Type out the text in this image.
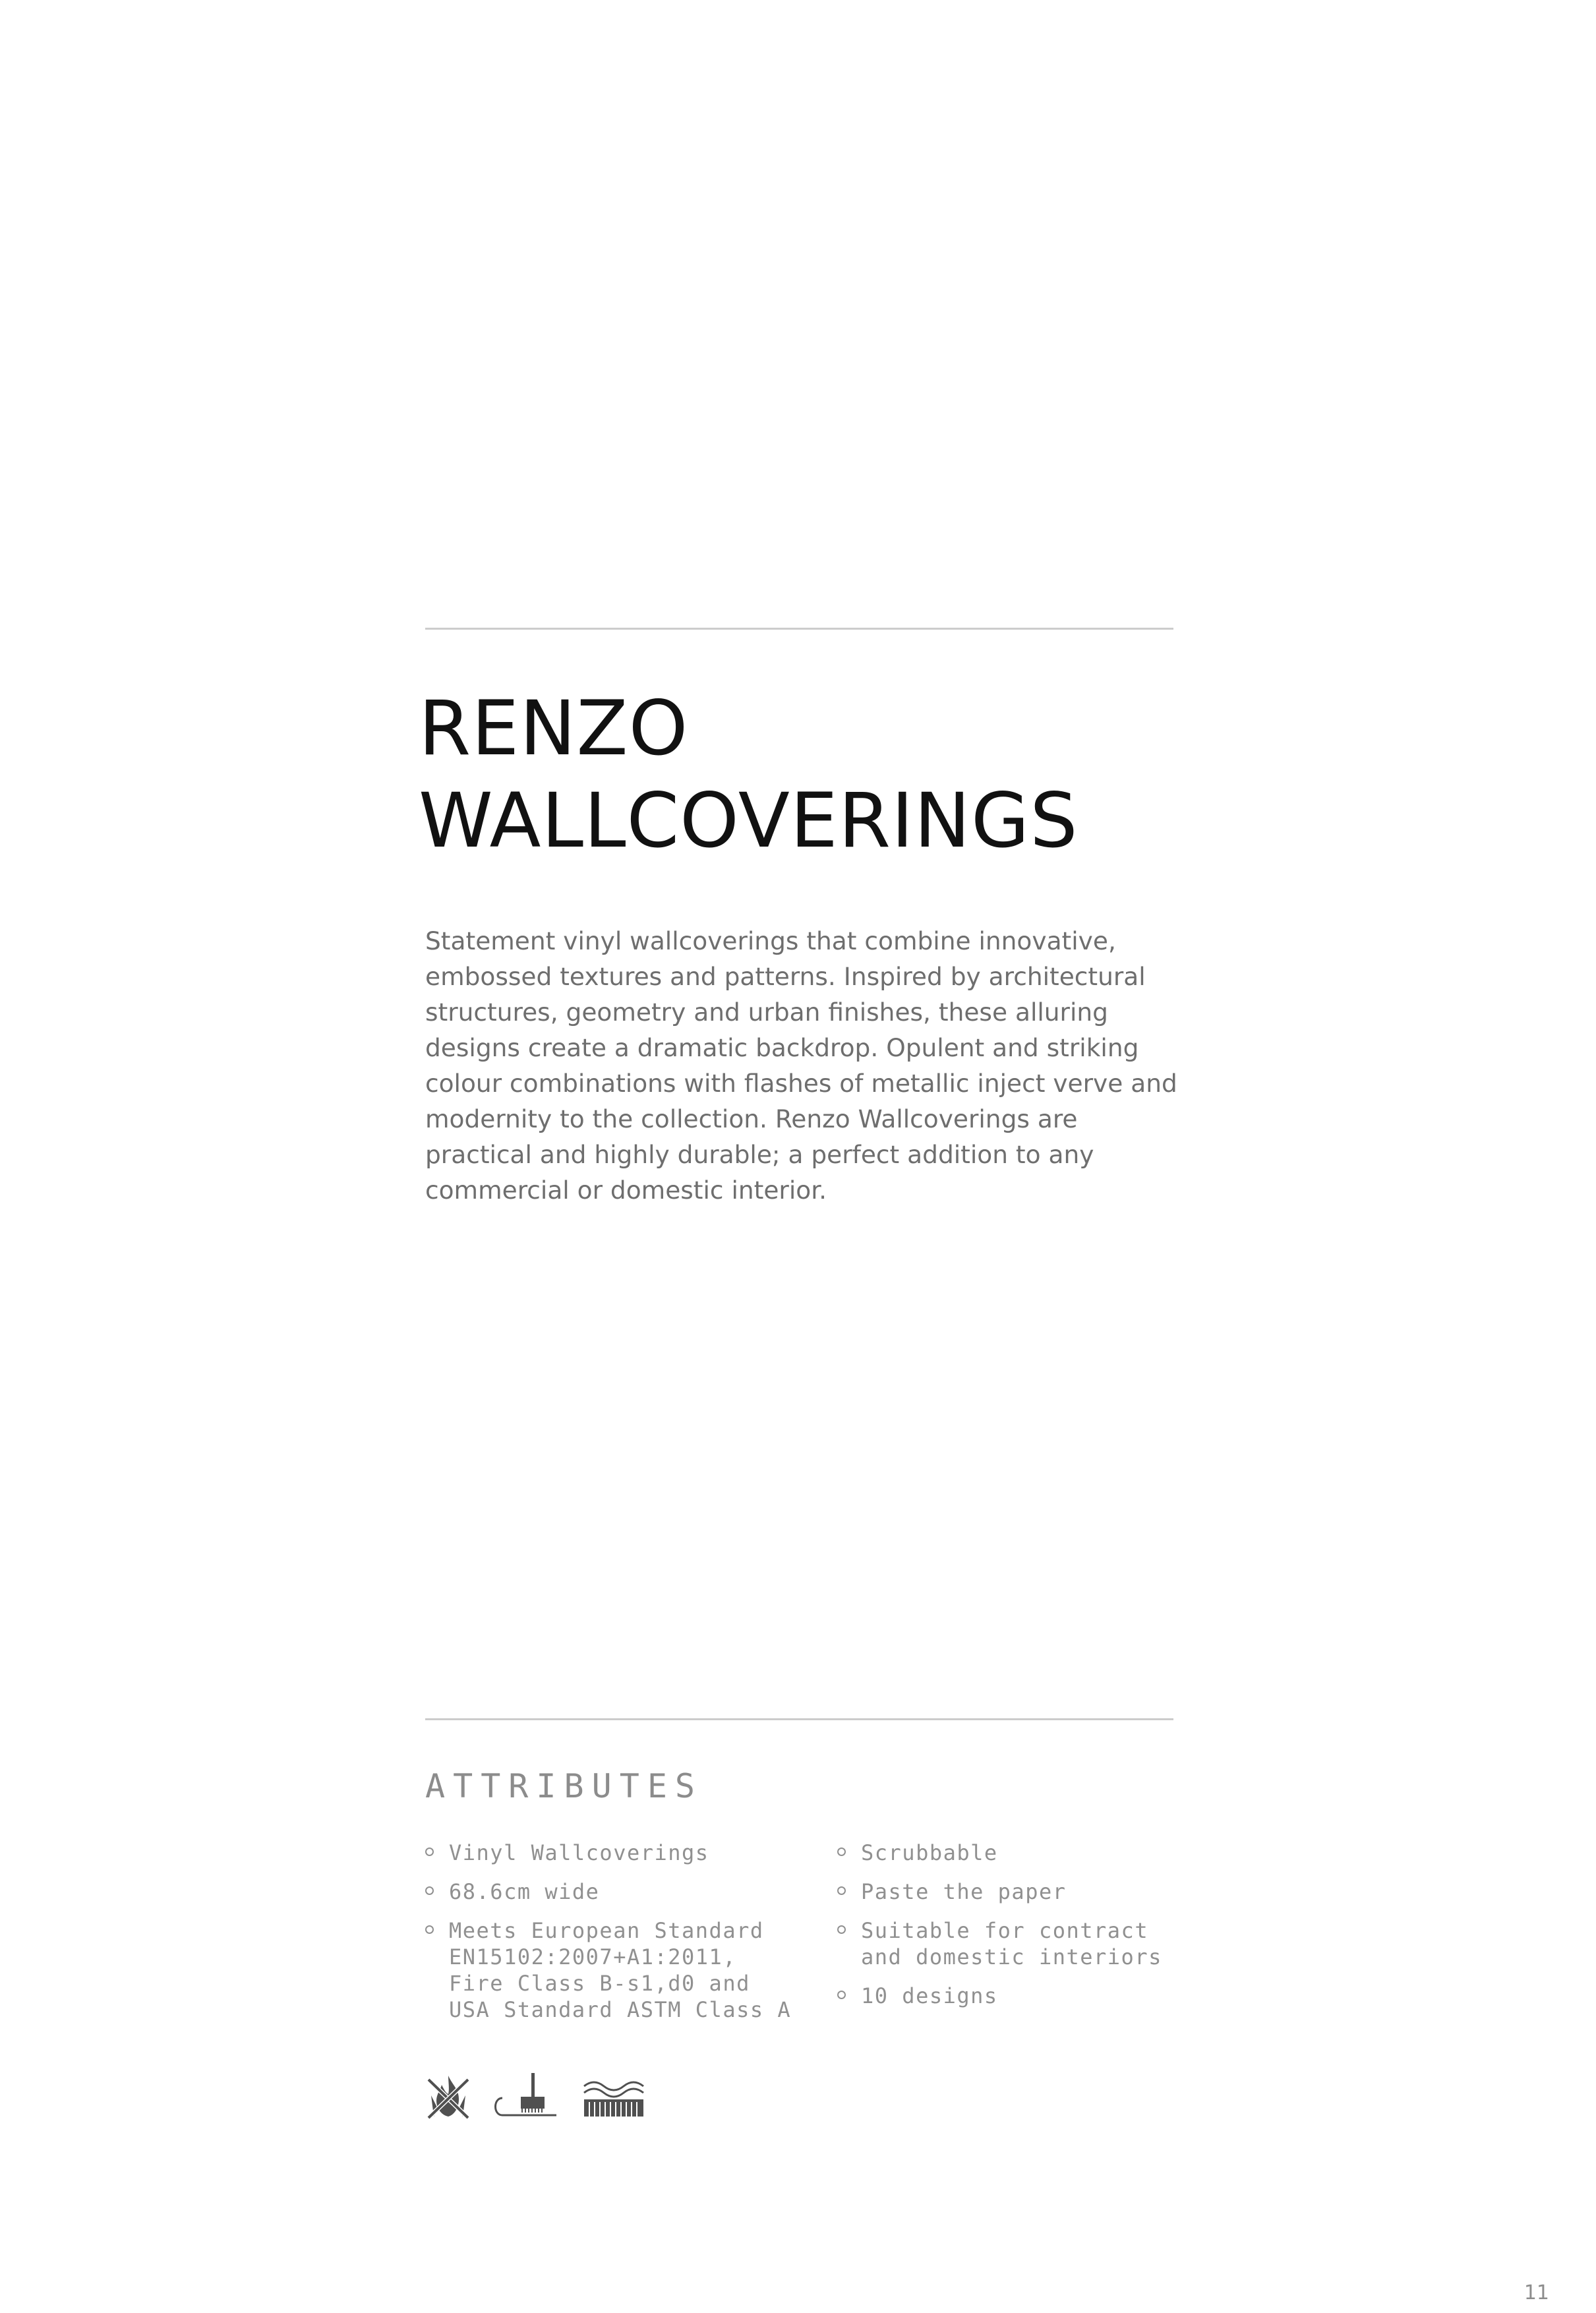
RENZO
WALLCOVERINGS

Statement vinyl wallcoverings that combine innovative, embossed textures and patterns. Inspired by architectural structures, geometry and urban finishes, these alluring designs create a dramatic backdrop. Opulent and striking colour combinations with flashes of metallic inject verve and modernity to the collection. Renzo Wallcoverings are practical and highly durable; a perfect addition to any commercial or domestic interior.

ATTRIBUTES
Vinyl Wallcoverings
68.6cm wide
Meets European Standard
EN15102:2007+A1:2011,
Fire Class B-s1,d0 and
USA Standard ASTM Class A
Scrubbable
Paste the paper
Suitable for contract
and domestic interiors
10 designs
11
